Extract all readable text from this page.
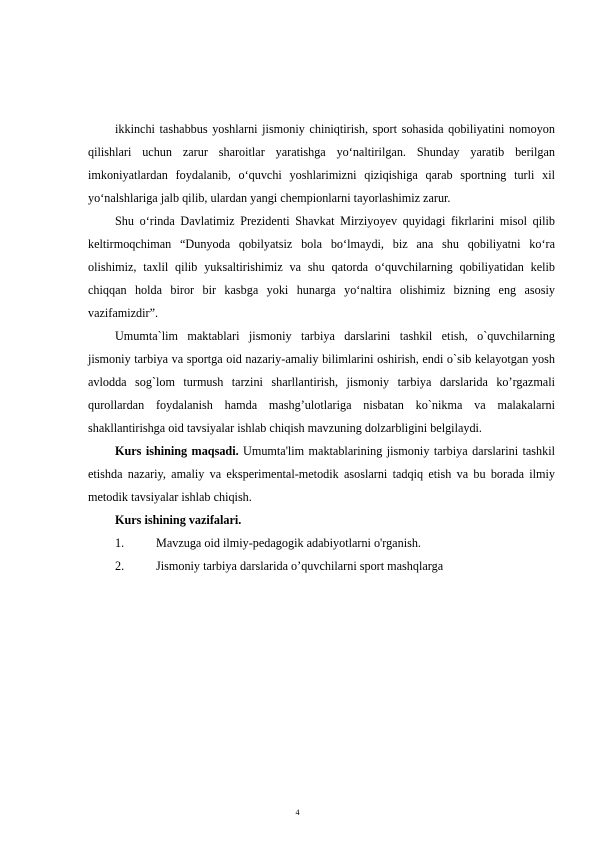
ikkinchi tashabbus yoshlarni jismoniy chiniqtirish, sport sohasida qobiliyatini nomoyon qilishlari uchun zarur sharoitlar yaratishga yo‘naltirilgan. Shunday yaratib berilgan imkoniyatlardan foydalanib, o‘quvchi yoshlarimizni qiziqishiga qarab sportning turli xil yo‘nalshlariga jalb qilib, ulardan yangi chempionlarni tayorlashimiz zarur.

Shu o‘rinda Davlatimiz Prezidenti Shavkat Mirziyoyev quyidagi fikrlarini misol qilib keltirmoqchiman “Dunyoda qobilyatsiz bola bo‘lmaydi, biz ana shu qobiliyatni ko‘ra olishimiz, taxlil qilib yuksaltirishimiz va shu qatorda o‘quvchilarning qobiliyatidan kelib chiqqan holda biror bir kasbga yoki hunarga yo‘naltira olishimiz bizning eng asosiy vazifamizdir”.

Umumta`lim maktablari jismoniy tarbiya darslarini tashkil etish, o`quvchilarning jismoniy tarbiya va sportga oid nazariy-amaliy bilimlarini oshirish, endi o`sib kelayotgan yosh avlodda sog`lom turmush tarzini sharllantirish, jismoniy tarbiya darslarida ko’rgazmali qurollardan foydalanish hamda mashg’ulotlariga nisbatan ko`nikma va malakalarni shakllantirishga oid tavsiyalar ishlab chiqish mavzuning dolzarbligini belgilaydi.

Kurs ishining maqsadi. Umumta'lim maktablarining jismoniy tarbiya darslarini tashkil etishda nazariy, amaliy va eksperimental-metodik asoslarni tadqiq etish va bu borada ilmiy metodik tavsiyalar ishlab chiqish.

Kurs ishining vazifalari.

1.	Mavzuga oid ilmiy-pedagogik adabiyotlarni o'rganish.
2.	Jismoniy tarbiya darslarida o’quvchilarni sport mashqlarga
4
